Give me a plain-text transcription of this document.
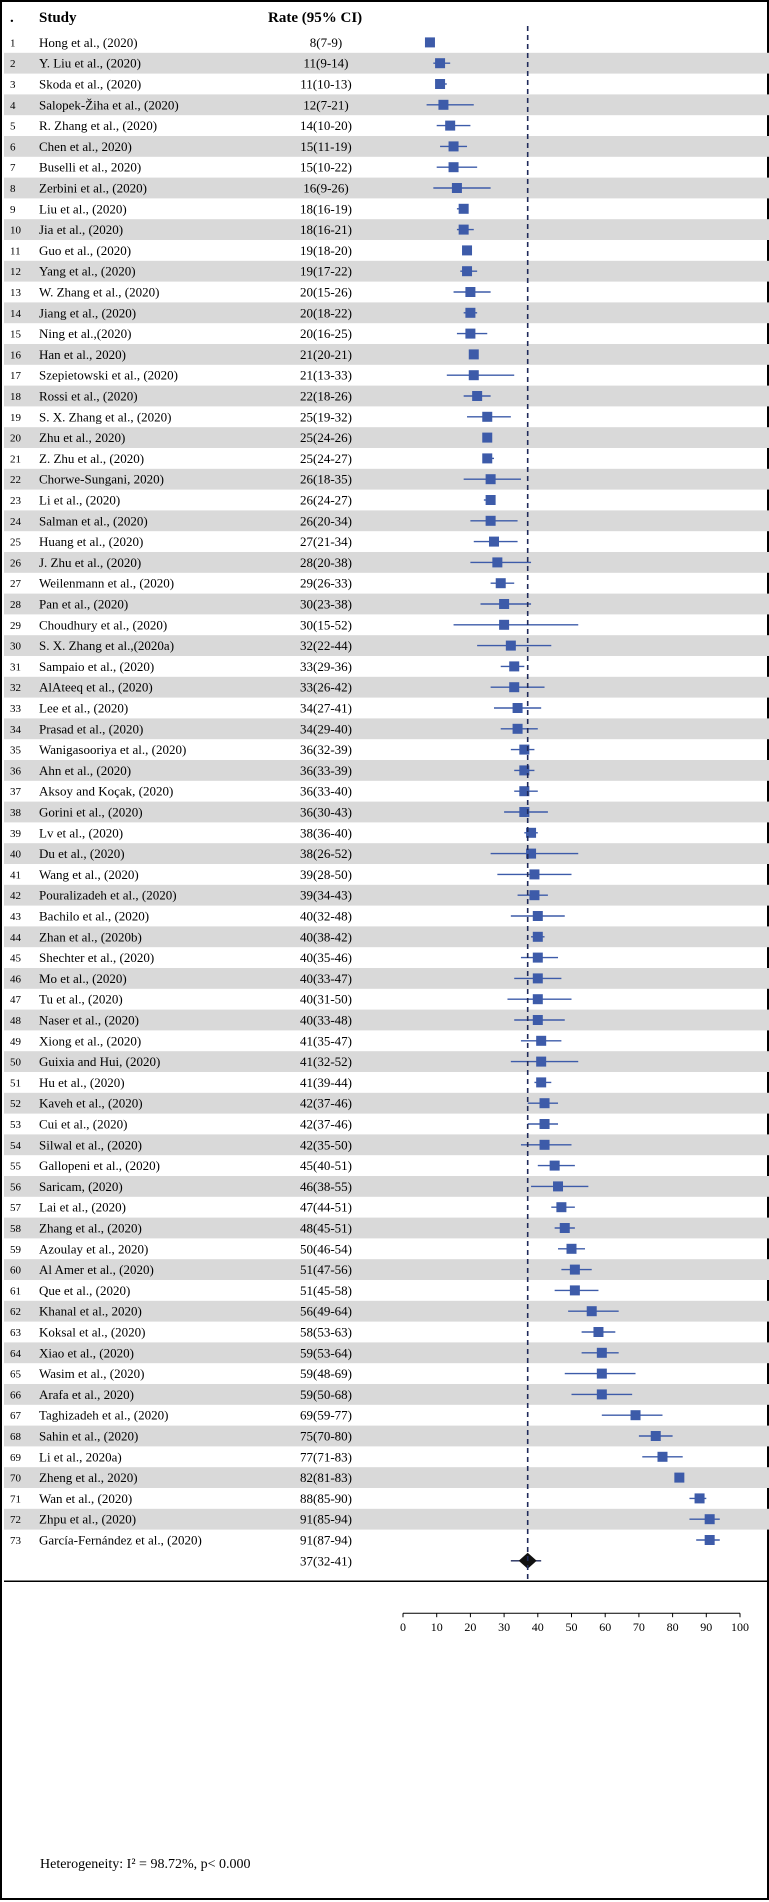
. Study	Rate (95% CI)
1 Hong et al., (2020)	8(7-9)
2 Y. Liu et al., (2020)	11(9-14)
3 Skoda et al., (2020)	11(10-13)
4 Salopek-Žiha et al., (2020)	12(7-21)
5 R. Zhang et al., (2020)	14(10-20)
6 Chen et al., 2020)	15(11-19)
7 Buselli et al., 2020)	15(10-22)
8 Zerbini et al., (2020)	16(9-26)
9 Liu et al., (2020)	18(16-19)
10 Jia et al., (2020)	18(16-21)
11 Guo et al., (2020)	19(18-20)
12 Yang et al., (2020)	19(17-22)
13 W. Zhang et al., (2020)	20(15-26)
14 Jiang et al., (2020)	20(18-22)
15 Ning et al.,(2020)	20(16-25)
16 Han et al., 2020)	21(20-21)
17 Szepietowski et al., (2020)	21(13-33)
18 Rossi et al., (2020)	22(18-26)
19 S. X. Zhang et al., (2020)	25(19-32)
20 Zhu et al., 2020)	25(24-26)
21 Z. Zhu et al., (2020)	25(24-27)
22 Chorwe-Sungani, 2020)	26(18-35)
23 Li et al., (2020)	26(24-27)
24 Salman et al., (2020)	26(20-34)
25 Huang et al., (2020)	27(21-34)
26 J. Zhu et al., (2020)	28(20-38)
27 Weilenmann et al., (2020)	29(26-33)
28 Pan et al., (2020)	30(23-38)
29 Choudhury et al., (2020)	30(15-52)
30 S. X. Zhang et al.,(2020a)	32(22-44)
31 Sampaio et al., (2020)	33(29-36)
32 AlAteeq et al., (2020)	33(26-42)
33 Lee et al., (2020)	34(27-41)
34 Prasad et al., (2020)	34(29-40)
35 Wanigasooriya et al., (2020)	36(32-39)
36 Ahn et al., (2020)	36(33-39)
37 Aksoy and Koçak, (2020)	36(33-40)
38 Gorini et al., (2020)	36(30-43)
39 Lv et al., (2020)	38(36-40)
40 Du et al., (2020)	38(26-52)
41 Wang et al., (2020)	39(28-50)
42 Pouralizadeh et al., (2020)	39(34-43)
43 Bachilo et al., (2020)	40(32-48)
44 Zhan et al., (2020b)	40(38-42)
45 Shechter et al., (2020)	40(35-46)
46 Mo et al., (2020)	40(33-47)
47 Tu et al., (2020)	40(31-50)
48 Naser et al., (2020)	40(33-48)
49 Xiong et al., (2020)	41(35-47)
50 Guixia and Hui, (2020)	41(32-52)
51 Hu et al., (2020)	41(39-44)
52 Kaveh et al., (2020)	42(37-46)
53 Cui et al., (2020)	42(37-46)
54 Silwal et al., (2020)	42(35-50)
55 Gallopeni et al., (2020)	45(40-51)
56 Saricam, (2020)	46(38-55)
57 Lai et al., (2020)	47(44-51)
58 Zhang et al., (2020)	48(45-51)
59 Azoulay et al., 2020)	50(46-54)
60 Al Amer et al., (2020)	51(47-56)
61 Que et al., (2020)	51(45-58)
62 Khanal et al., 2020)	56(49-64)
63 Koksal et al., (2020)	58(53-63)
64 Xiao et al., (2020)	59(53-64)
65 Wasim et al., (2020)	59(48-69)
66 Arafa et al., 2020)	59(50-68)
67 Taghizadeh et al., (2020)	69(59-77)
68 Sahin et al., (2020)	75(70-80)
69 Li et al., 2020a)	77(71-83)
70 Zheng et al., 2020)	82(81-83)
71 Wan et al., (2020)	88(85-90)
72 Zhpu et al., (2020)	91(85-94)
73 García-Fernández et al., (2020)	91(87-94)
37(32-41)
0 10 20 30 40 50 60 70 80 90 100
Heterogeneity: I² = 98.72%, p< 0.000
